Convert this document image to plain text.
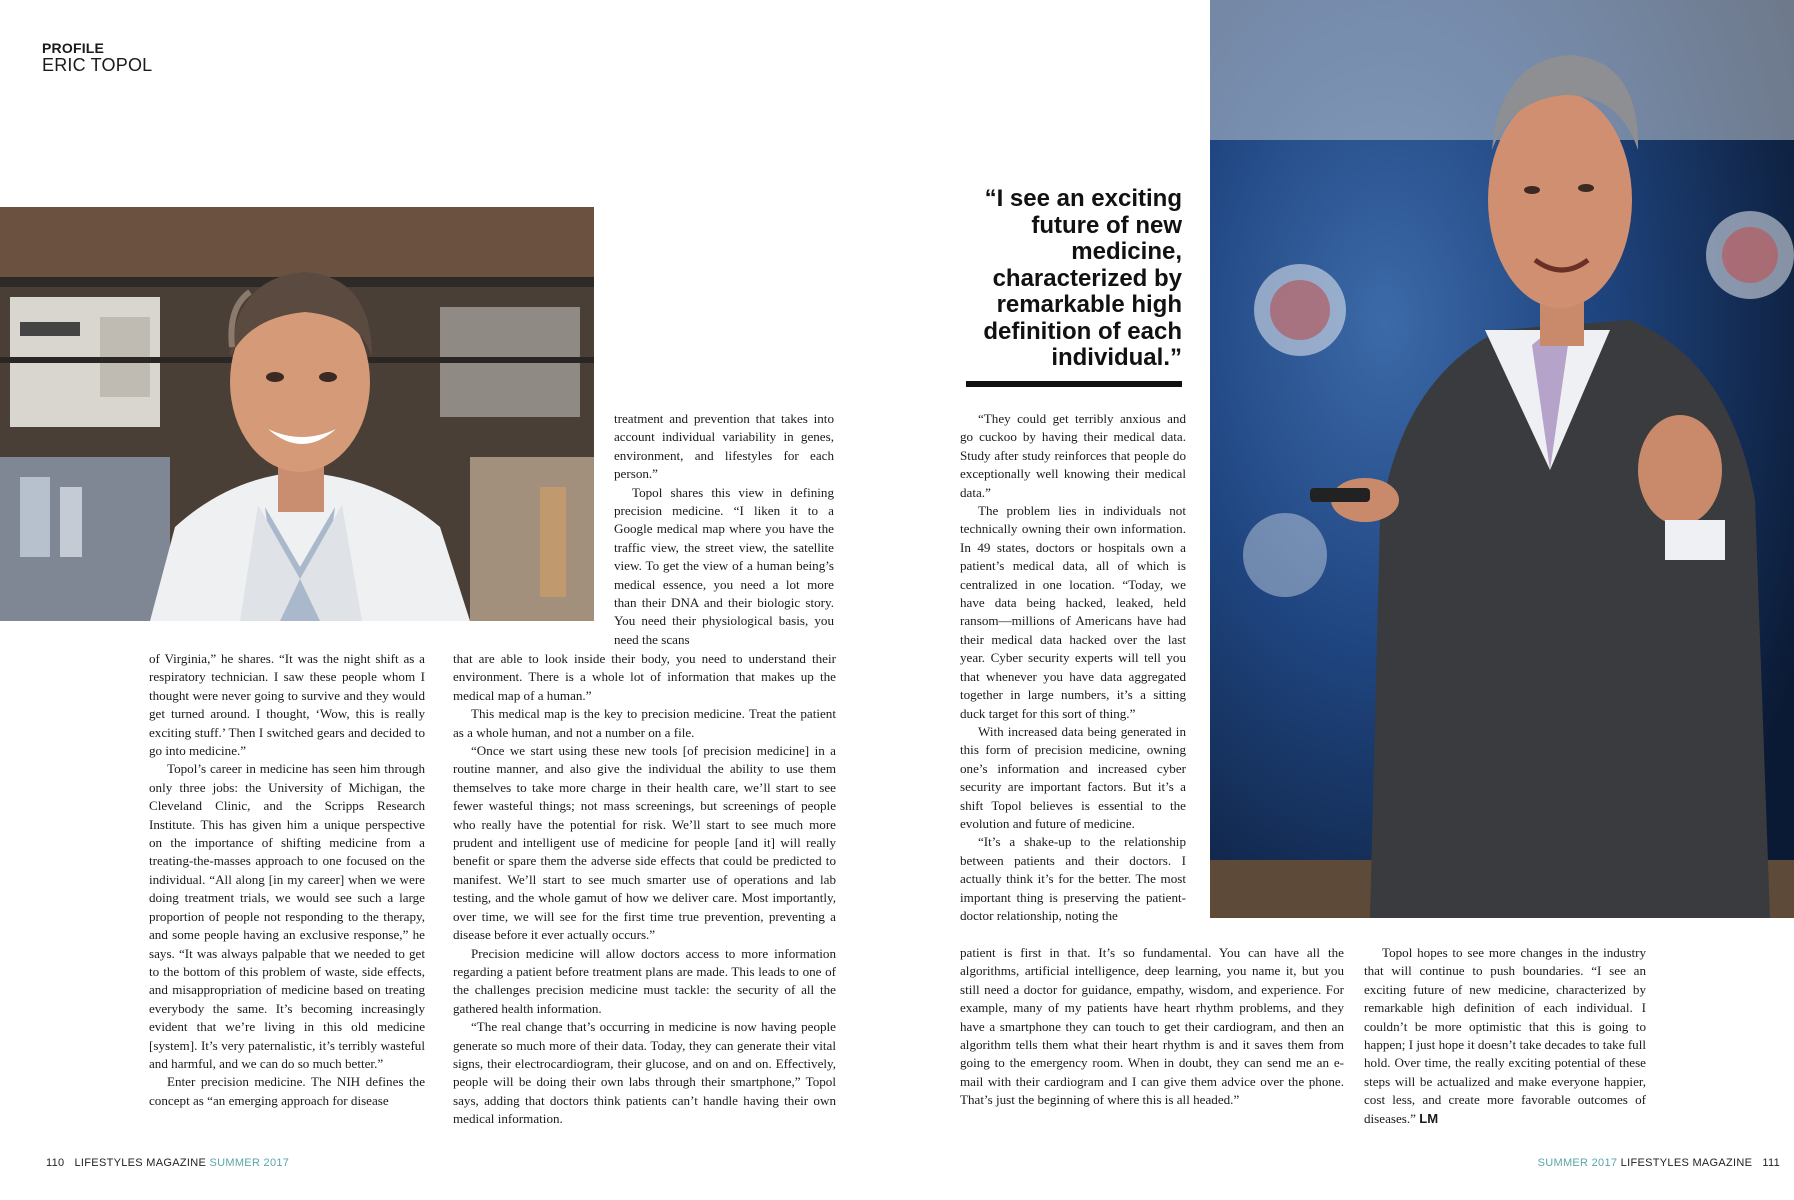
PROFILE
ERIC TOPOL

of Virginia,” he shares. “It was the night shift as a respiratory technician. I saw these people whom I thought were never going to survive and they would get turned around. I thought, ‘Wow, this is really exciting stuff.’ Then I switched gears and decided to go into medicine.”

Topol’s career in medicine has seen him through only three jobs: the University of Michigan, the Cleveland Clinic, and the Scripps Research Institute. This has given him a unique perspective on the importance of shifting medicine from a treating-the-masses approach to one focused on the individual. “All along [in my career] when we were doing treatment trials, we would see such a large proportion of people not responding to the therapy, and some people having an exclusive response,” he says. “It was always palpable that we needed to get to the bottom of this problem of waste, side effects, and misappropriation of medicine based on treating everybody the same. It’s becoming increasingly evident that we’re living in this old medicine [system]. It’s very paternalistic, it’s terribly wasteful and harmful, and we can do so much better.”

Enter precision medicine. The NIH defines the concept as “an emerging approach for disease

treatment and prevention that takes into account individual variability in genes, environment, and lifestyles for each person.”

Topol shares this view in defining precision medicine. “I liken it to a Google medical map where you have the traffic view, the street view, the satellite view. To get the view of a human being’s medical essence, you need a lot more than their DNA and their biologic story. You need their physiological basis, you need the scans

that are able to look inside their body, you need to understand their environment. There is a whole lot of information that makes up the medical map of a human.”

This medical map is the key to precision medicine. Treat the patient as a whole human, and not a number on a file.

“Once we start using these new tools [of precision medicine] in a routine manner, and also give the individual the ability to use them themselves to take more charge in their health care, we’ll start to see fewer wasteful things; not mass screenings, but screenings of people who really have the potential for risk. We’ll start to see much more prudent and intelligent use of medicine for people [and it] will really benefit or spare them the adverse side effects that could be predicted to manifest. We’ll start to see much smarter use of operations and lab testing, and the whole gamut of how we deliver care. Most importantly, over time, we will see for the first time true prevention, preventing a disease before it ever actually occurs.”

Precision medicine will allow doctors access to more information regarding a patient before treatment plans are made. This leads to one of the challenges precision medicine must tackle: the security of all the gathered health information.

“The real change that’s occurring in medicine is now having people generate so much more of their data. Today, they can generate their vital signs, their electrocardiogram, their glucose, and on and on. Effectively, people will be doing their own labs through their smartphone,” Topol says, adding that doctors think patients can’t handle having their own medical information.

“I see an exciting future of new medicine, characterized by remarkable high definition of each individual.”

“They could get terribly anxious and go cuckoo by having their medical data. Study after study reinforces that people do exceptionally well knowing their medical data.”

The problem lies in individuals not technically owning their own information. In 49 states, doctors or hospitals own a patient’s medical data, all of which is centralized in one location. “Today, we have data being hacked, leaked, held ransom—millions of Americans have had their medical data hacked over the last year. Cyber security experts will tell you that whenever you have data aggregated together in large numbers, it’s a sitting duck target for this sort of thing.”

With increased data being generated in this form of precision medicine, owning one’s information and increased cyber security are important factors. But it’s a shift Topol believes is essential to the evolution and future of medicine.

“It’s a shake-up to the relationship between patients and their doctors. I actually think it’s for the better. The most important thing is preserving the patient-doctor relationship, noting the

patient is first in that. It’s so fundamental. You can have all the algorithms, artificial intelligence, deep learning, you name it, but you still need a doctor for guidance, empathy, wisdom, and experience. For example, many of my patients have heart rhythm problems, and they have a smartphone they can touch to get their cardiogram, and then an algorithm tells them what their heart rhythm is and it saves them from going to the emergency room. When in doubt, they can send me an e-mail with their cardiogram and I can give them advice over the phone. That’s just the beginning of where this is all headed.”

Topol hopes to see more changes in the industry that will continue to push boundaries. “I see an exciting future of new medicine, characterized by remarkable high definition of each individual. I couldn’t be more optimistic that this is going to happen; I just hope it doesn’t take decades to take full hold. Over time, the really exciting potential of these steps will be actualized and make everyone happier, cost less, and create more favorable outcomes of diseases.” LM

110 LIFESTYLES MAGAZINE SUMMER 2017	SUMMER 2017 LIFESTYLES MAGAZINE 111
